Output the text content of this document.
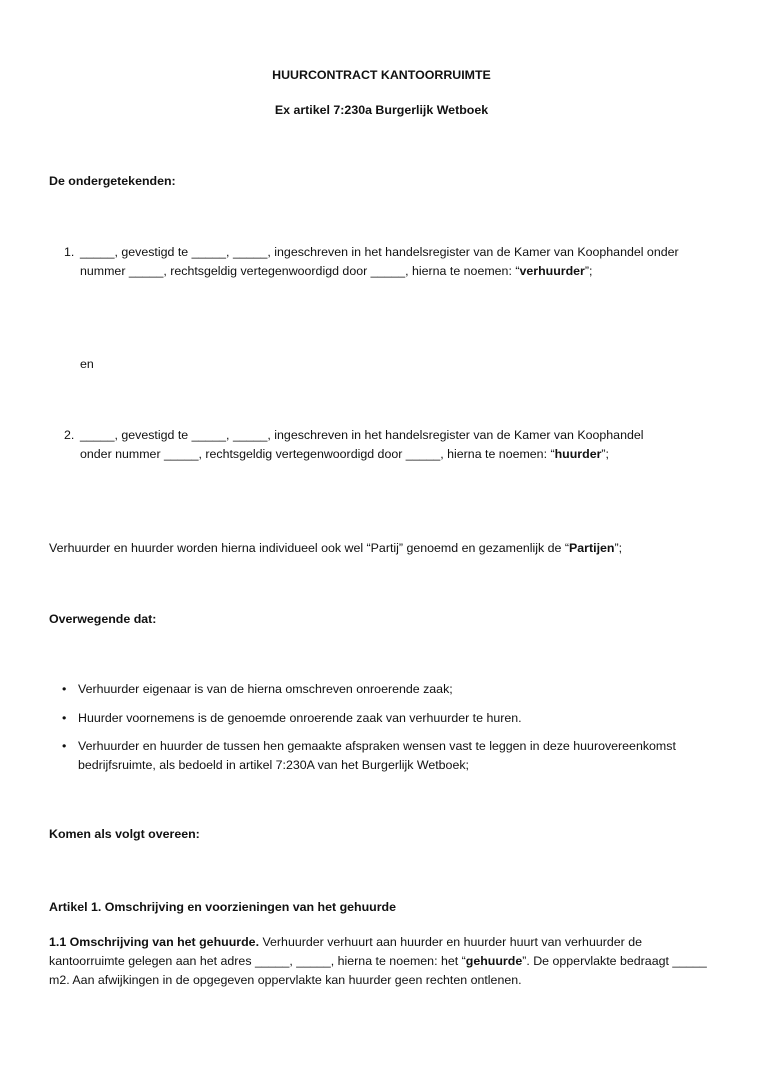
HUURCONTRACT KANTOORRUIMTE
Ex artikel 7:230a Burgerlijk Wetboek
De ondergetekenden:
1. _____, gevestigd te _____, _____, ingeschreven in het handelsregister van de Kamer van Koophandel onder nummer _____, rechtsgeldig vertegenwoordigd door _____, hierna te noemen: “verhuurder”;
en
2. _____, gevestigd te _____, _____, ingeschreven in het handelsregister van de Kamer van Koophandel onder nummer _____, rechtsgeldig vertegenwoordigd door _____, hierna te noemen: “huurder”;
Verhuurder en huurder worden hierna individueel ook wel “Partij” genoemd en gezamenlijk de “Partijen”;
Overwegende dat:
• Verhuurder eigenaar is van de hierna omschreven onroerende zaak;
• Huurder voornemens is de genoemde onroerende zaak van verhuurder te huren.
• Verhuurder en huurder de tussen hen gemaakte afspraken wensen vast te leggen in deze huurovereenkomst bedrijfsruimte, als bedoeld in artikel 7:230A van het Burgerlijk Wetboek;
Komen als volgt overeen:
Artikel 1. Omschrijving en voorzieningen van het gehuurde
1.1 Omschrijving van het gehuurde. Verhuurder verhuurt aan huurder en huurder huurt van verhuurder de kantoorruimte gelegen aan het adres _____, _____, hierna te noemen: het “gehuurde”. De oppervlakte bedraagt _____ m2. Aan afwijkingen in de opgegeven oppervlakte kan huurder geen rechten ontlenen.
